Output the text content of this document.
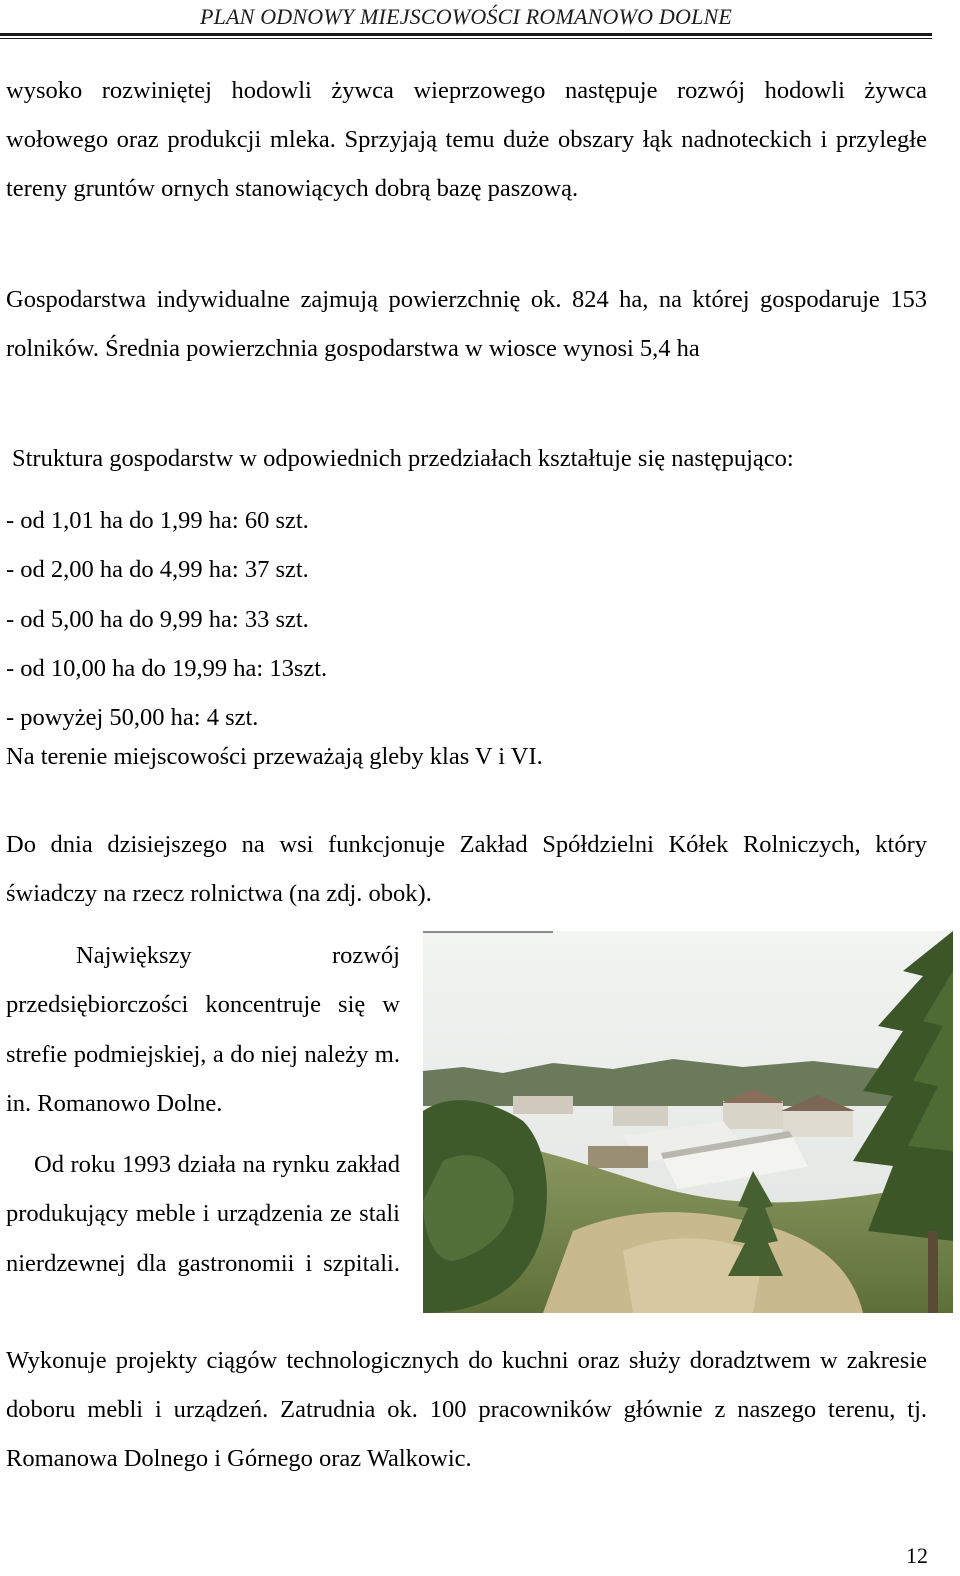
PLAN ODNOWY MIEJSCOWOŚCI ROMANOWO DOLNE
wysoko rozwiniętej hodowli żywca wieprzowego następuje rozwój hodowli żywca wołowego oraz produkcji mleka. Sprzyjają temu duże obszary łąk nadnoteckich i przyległe tereny gruntów ornych stanowiących dobrą bazę paszową.
Gospodarstwa indywidualne zajmują powierzchnię ok. 824 ha, na której gospodaruje 153 rolników. Średnia powierzchnia gospodarstwa w wiosce wynosi 5,4 ha
Struktura gospodarstw w odpowiednich przedziałach kształtuje się następująco:
- od 1,01 ha do 1,99 ha: 60 szt.
- od 2,00 ha do 4,99 ha: 37 szt.
- od 5,00 ha do 9,99 ha: 33 szt.
- od 10,00 ha do 19,99 ha: 13szt.
- powyżej 50,00 ha: 4 szt.
Na terenie miejscowości przeważają gleby klas V i VI.
Do dnia dzisiejszego na wsi funkcjonuje Zakład Spółdzielni Kółek Rolniczych, który świadczy na rzecz rolnictwa (na zdj. obok).
Największy rozwój przedsiębiorczości koncentruje się w strefie podmiejskiej, a do niej należy m. in. Romanowo Dolne.
Od roku 1993 działa na rynku zakład produkujący meble i urządzenia ze stali nierdzewnej dla gastronomii i szpitali.
Wykonuje projekty ciągów technologicznych do kuchni oraz służy doradztwem w zakresie doboru mebli i urządzeń. Zatrudnia ok. 100 pracowników głównie z naszego terenu, tj. Romanowa Dolnego i Górnego oraz Walkowic.
12
